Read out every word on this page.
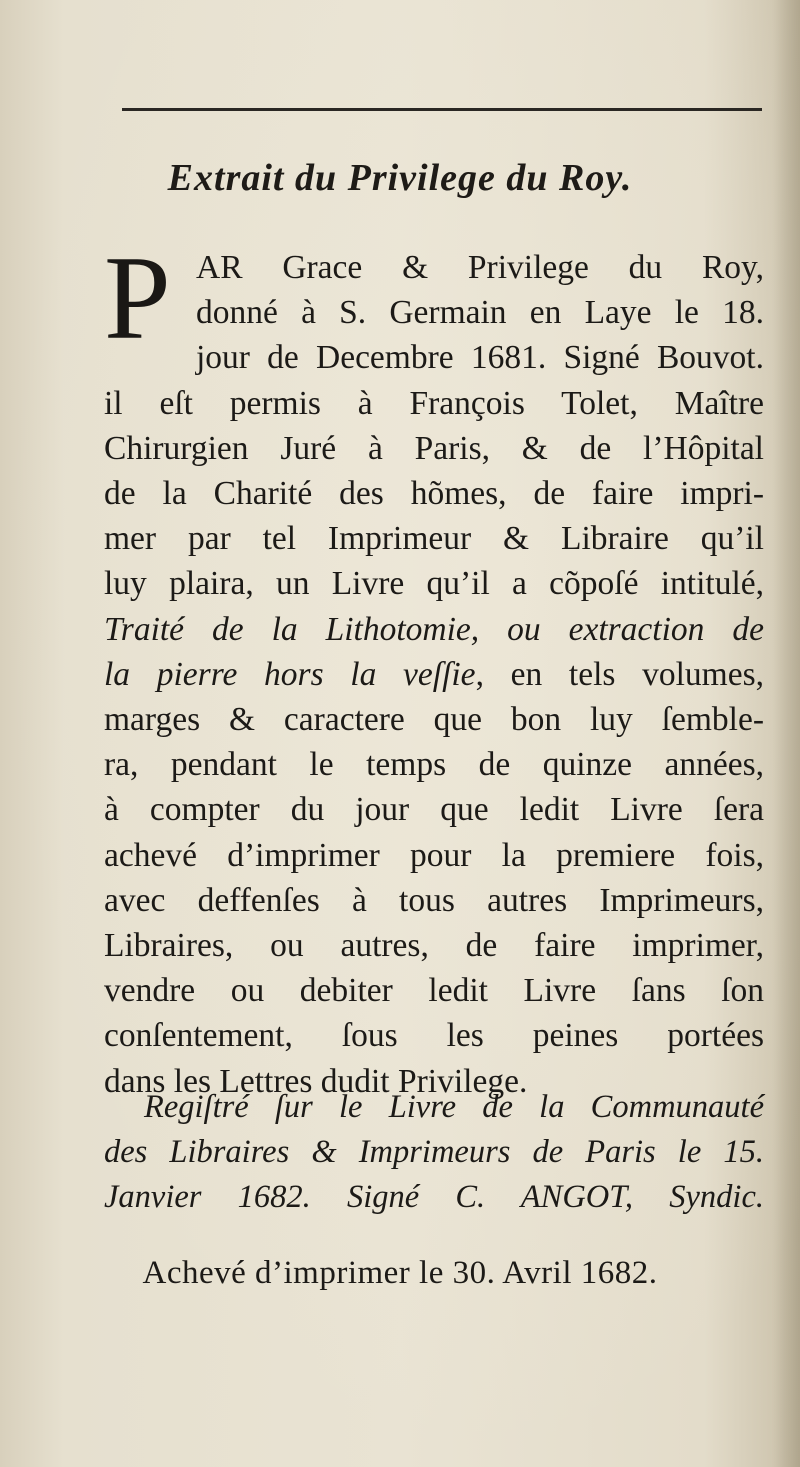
Extrait du Privilege du Roy.
P AR Grace & Privilege du Roy,
donné à S. Germain en Laye le 18.
jour de Decembre 1681. Signé Bouvot.
il eſt permis à François Tolet, Maître
Chirurgien Juré à Paris, & de l’Hôpital
de la Charité des hõmes, de faire impri-
mer par tel Imprimeur & Libraire qu’il
luy plaira, un Livre qu’il a cõpoſé intitulé,
Traité de la Lithotomie, ou extraction de
la pierre hors la veſſie, en tels volumes,
marges & caractere que bon luy ſemble-
ra, pendant le temps de quinze années,
à compter du jour que ledit Livre ſera
achevé d’imprimer pour la premiere fois,
avec deffenſes à tous autres Imprimeurs,
Libraires, ou autres, de faire imprimer,
vendre ou debiter ledit Livre ſans ſon
conſentement, ſous les peines portées
dans les Lettres dudit Privilege.
Regiſtré ſur le Livre de la Communauté
des Libraires & Imprimeurs de Paris le 15.
Janvier 1682. Signé C. ANGOT, Syndic.
Achevé d’imprimer le 30. Avril 1682.
